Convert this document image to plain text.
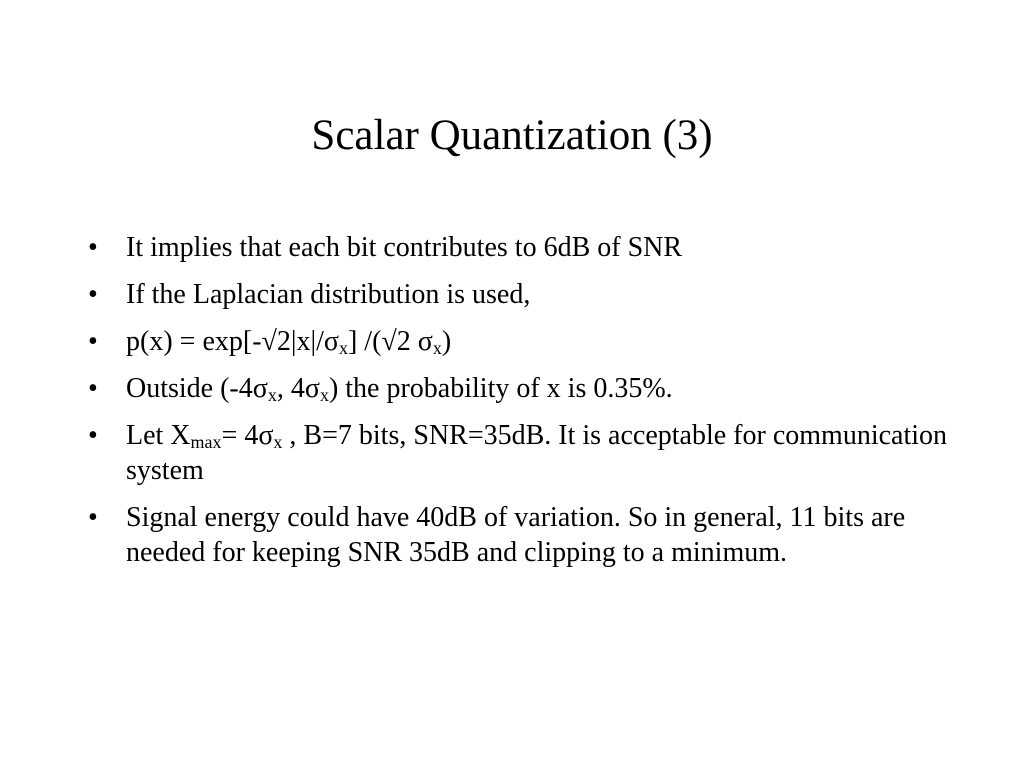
Scalar Quantization (3)
•	It implies that each bit contributes to 6dB of SNR
•	If the Laplacian distribution is used,
•	$p(x) = \exp[-√2|x|/\sigma_x]$ /(√2 $\sigma_x$)
•	Outside ($-4\sigma_x$, $4\sigma_x$) the probability of x is 0.35%.
•	Let $X_{max}= 4\sigma_x$ , B=7 bits, SNR=35dB. It is acceptable for communication system
•	Signal energy could have 40dB of variation. So in general, 11 bits are needed for keeping SNR 35dB and clipping to a minimum.
